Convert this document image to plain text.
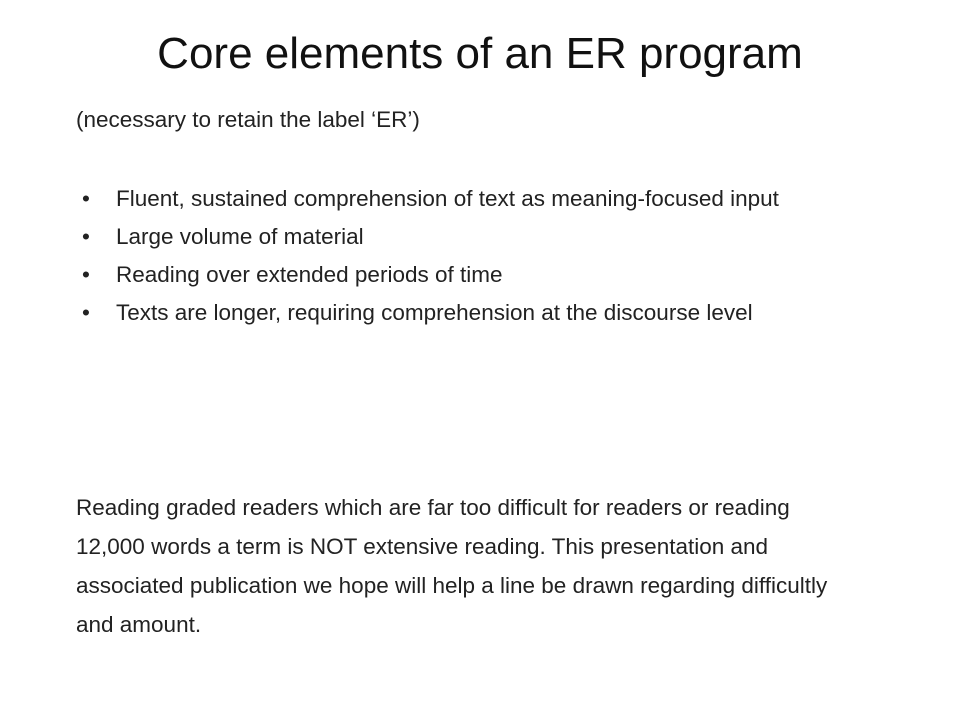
Core elements of an ER program
(necessary to retain the label ‘ER’)
• Fluent, sustained comprehension of text as meaning-focused input
• Large volume of material
• Reading over extended periods of time
• Texts are longer, requiring comprehension at the discourse level
Reading graded readers which are far too difficult for readers or reading 12,000 words a term is NOT extensive reading. This presentation and associated publication we hope will help a line be drawn regarding difficultly and amount.
